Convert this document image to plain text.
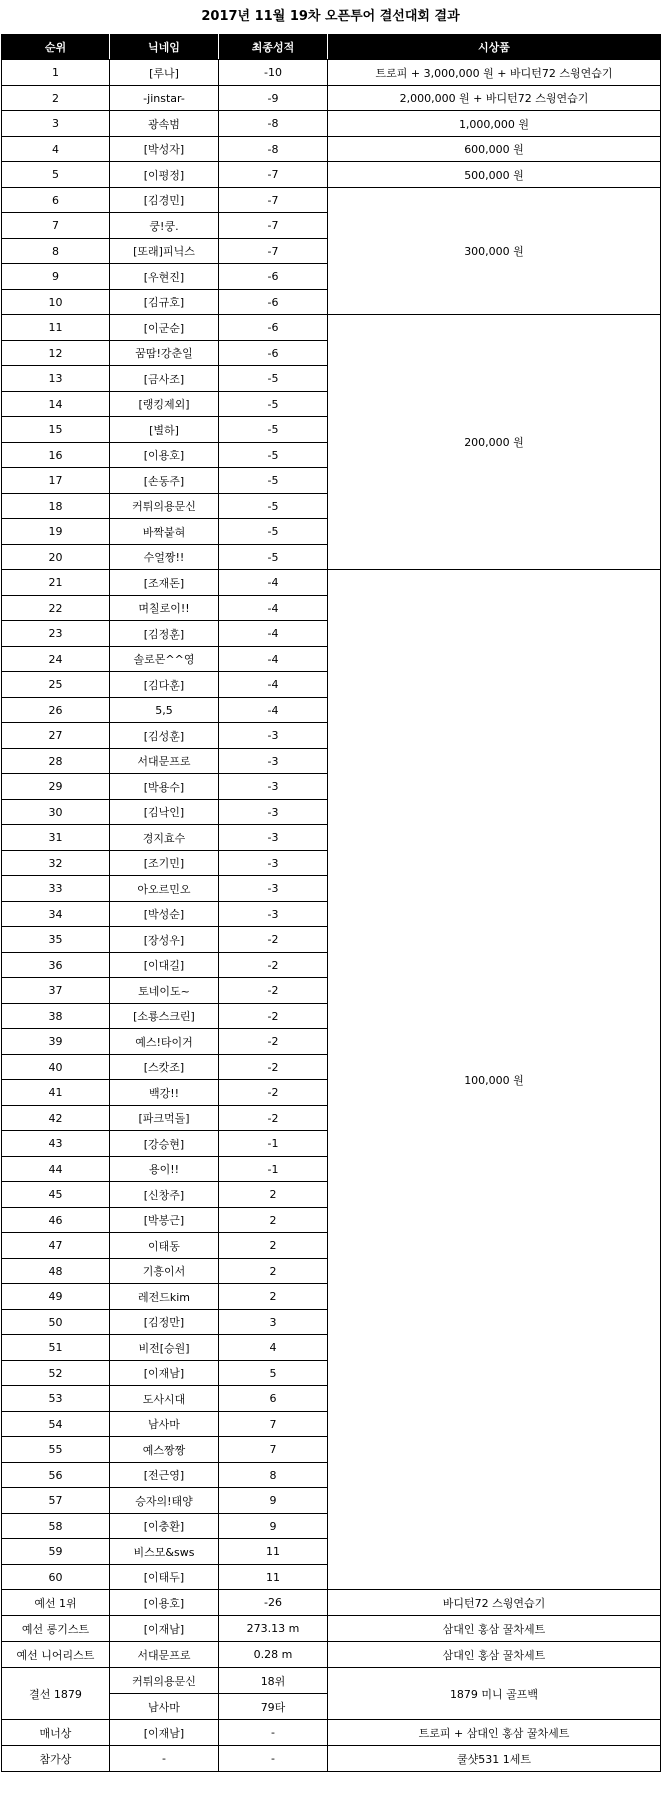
2017년 11월 19차 오픈투어 결선대회 결과
순위	닉네임	최종성적	시상품
1	[루나]	-10	트로피 + 3,000,000 원 + 바디턴72 스윙연습기
2	-jinstar-	-9	2,000,000 원 + 바디턴72 스윙연습기
3	광속범	-8	1,000,000 원
4	[박성자]	-8	600,000 원
5	[이평정]	-7	500,000 원
6	[김경민]	-7	300,000 원
7	쿵!쿵.	-7	
8	[또래]피닉스	-7	
9	[우현진]	-6	
10	[김규호]	-6	
11	[이군순]	-6	200,000 원
12	꿈땀!강춘일	-6	
13	[금사조]	-5	
14	[랭킹제외]	-5	
15	[별하]	-5	
16	[이용호]	-5	
17	[손동주]	-5	
18	커튀의용문신	-5	
19	바짝붙혀	-5	
20	수얼짱!!	-5	
21	[조재돈]	-4	100,000 원
22	며칠로이!!	-4	
23	[김정훈]	-4	
24	솔로몬^^영	-4	
25	[김다훈]	-4	
26	5,5	-4	
27	[김성훈]	-3	
28	서대문프로	-3	
29	[박용수]	-3	
30	[김낙인]	-3	
31	경지효수	-3	
32	[조기민]	-3	
33	아오르민오	-3	
34	[박성순]	-3	
35	[장성우]	-2	
36	[이대길]	-2	
37	토네이도~	-2	
38	[소룡스크린]	-2	
39	예스!타이거	-2	
40	[스캇조]	-2	
41	백강!!	-2	
42	[파크먹돌]	-2	
43	[강승현]	-1	
44	용이!!	-1	
45	[신창주]	2	
46	[박봉근]	2	
47	이태동	2	
48	기흥이서	2	
49	레전드kim	2	
50	[김정만]	3	
51	비전[승원]	4	
52	[이재남]	5	
53	도사시대	6	
54	남사마	7	
55	예스짱짱	7	
56	[전근영]	8	
57	승자의!태양	9	
58	[이충환]	9	
59	비스모&sws	11	
60	[이태두]	11	
예선 1위	[이용호]	-26	바디턴72 스윙연습기
예선 롱기스트	[이재남]	273.13 m	삼대인 홍삼 꿀차세트
예선 니어리스트	서대문프로	0.28 m	삼대인 홍삼 꿀차세트
결선 1879	커튀의용문신	18위	1879 미니 골프백
	남사마	79타	
매너상	[이재남]	-	트로피 + 삼대인 홍삼 꿀차세트
참가상	-	-	쿨샷531 1세트
